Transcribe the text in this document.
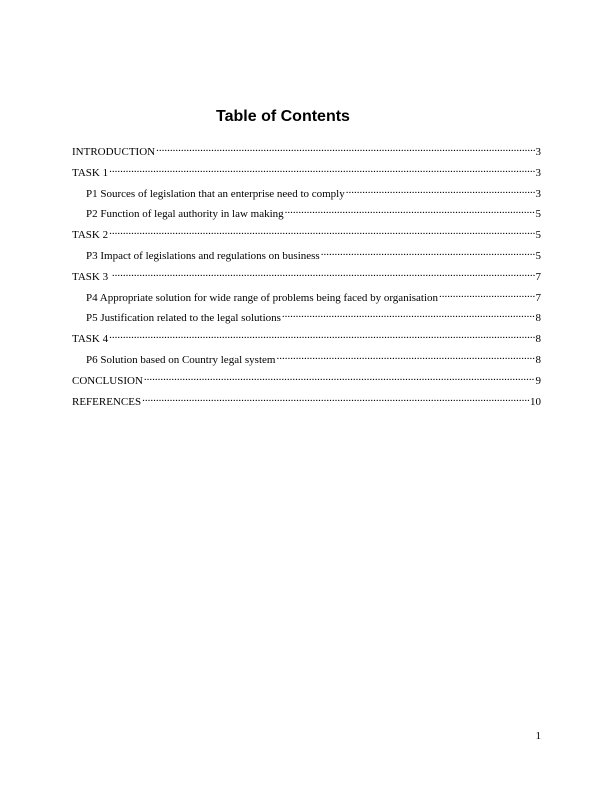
Table of Contents
INTRODUCTION .....	3
TASK 1 .....	3
P1 Sources of legislation that an enterprise need to comply .....	3
P2 Function of legal authority in law making .....	5
TASK 2 .....	5
P3 Impact of legislations and regulations on business .....	5
TASK 3 .....	7
P4 Appropriate solution for wide range of problems being faced by organisation .....	7
P5 Justification related to the legal solutions .....	8
TASK 4 .....	8
P6 Solution based on Country legal system .....	8
CONCLUSION .....	9
REFERENCES .....	10
1
